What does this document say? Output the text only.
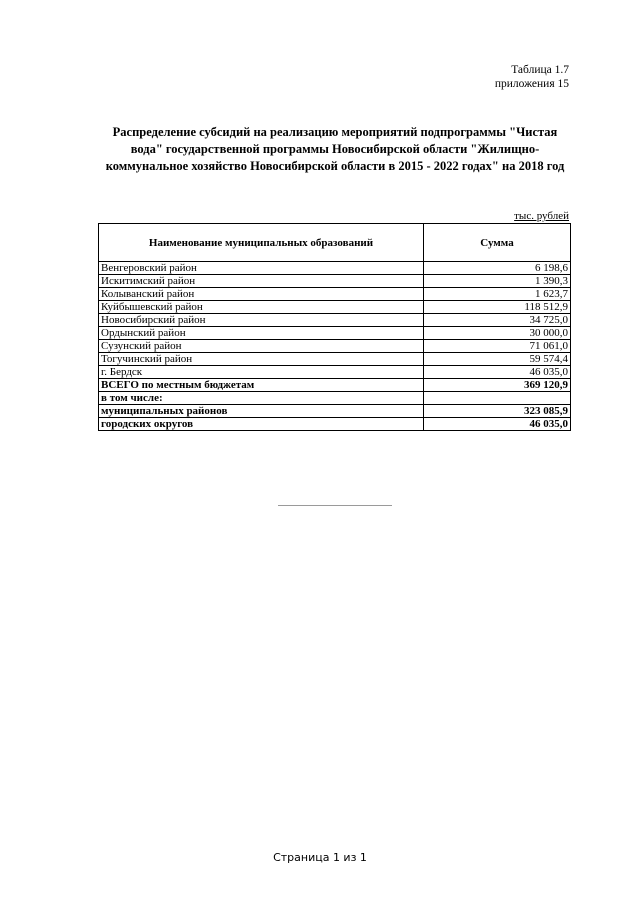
Таблица 1.7
приложения 15
Распределение субсидий на реализацию мероприятий подпрограммы "Чистая вода" государственной программы Новосибирской области "Жилищно-коммунальное хозяйство Новосибирской области в 2015 - 2022 годах" на 2018 год
тыс. рублей
Наименование муниципальных образований	Сумма
Венгеровский район	6 198,6
Искитимский район	1 390,3
Колыванский район	1 623,7
Куйбышевский район	118 512,9
Новосибирский район	34 725,0
Ордынский район	30 000,0
Сузунский район	71 061,0
Тогучинский район	59 574,4
г. Бердск	46 035,0
ВСЕГО по местным бюджетам	369 120,9
в том числе:	
муниципальных районов	323 085,9
городских округов	46 035,0
Страница 1 из 1
